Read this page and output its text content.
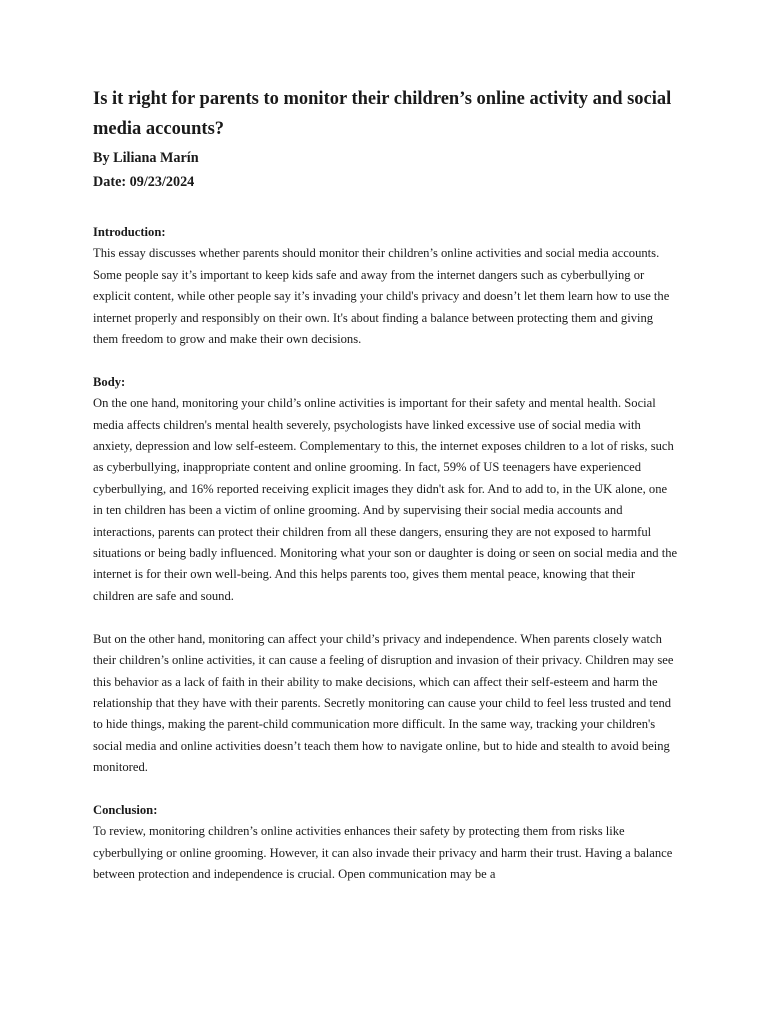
Is it right for parents to monitor their children’s online activity and social media accounts?

By Liliana Marín

Date: 09/23/2024

Introduction:

This essay discusses whether parents should monitor their children’s online activities and social media accounts. Some people say it’s important to keep kids safe and away from the internet dangers such as cyberbullying or explicit content, while other people say it’s invading your child's privacy and doesn’t let them learn how to use the internet properly and responsibly on their own. It's about finding a balance between protecting them and giving them freedom to grow and make their own decisions.

Body:

On the one hand, monitoring your child’s online activities is important for their safety and mental health. Social media affects children's mental health severely, psychologists have linked excessive use of social media with anxiety, depression and low self-esteem. Complementary to this, the internet exposes children to a lot of risks, such as cyberbullying, inappropriate content and online grooming. In fact, 59% of US teenagers have experienced cyberbullying, and 16% reported receiving explicit images they didn't ask for. And to add to, in the UK alone, one in ten children has been a victim of online grooming. And by supervising their social media accounts and interactions, parents can protect their children from all these dangers, ensuring they are not exposed to harmful situations or being badly influenced. Monitoring what your son or daughter is doing or seen on social media and the internet is for their own well-being. And this helps parents too, gives them mental peace, knowing that their children are safe and sound.

But on the other hand, monitoring can affect your child’s privacy and independence. When parents closely watch their children’s online activities, it can cause a feeling of disruption and invasion of their privacy. Children may see this behavior as a lack of faith in their ability to make decisions, which can affect their self-esteem and harm the relationship that they have with their parents. Secretly monitoring can cause your child to feel less trusted and tend to hide things, making the parent-child communication more difficult. In the same way, tracking your children's social media and online activities doesn’t teach them how to navigate online, but to hide and stealth to avoid being monitored.

Conclusion:

To review, monitoring children’s online activities enhances their safety by protecting them from risks like cyberbullying or online grooming. However, it can also invade their privacy and harm their trust. Having a balance between protection and independence is crucial. Open communication may be a
